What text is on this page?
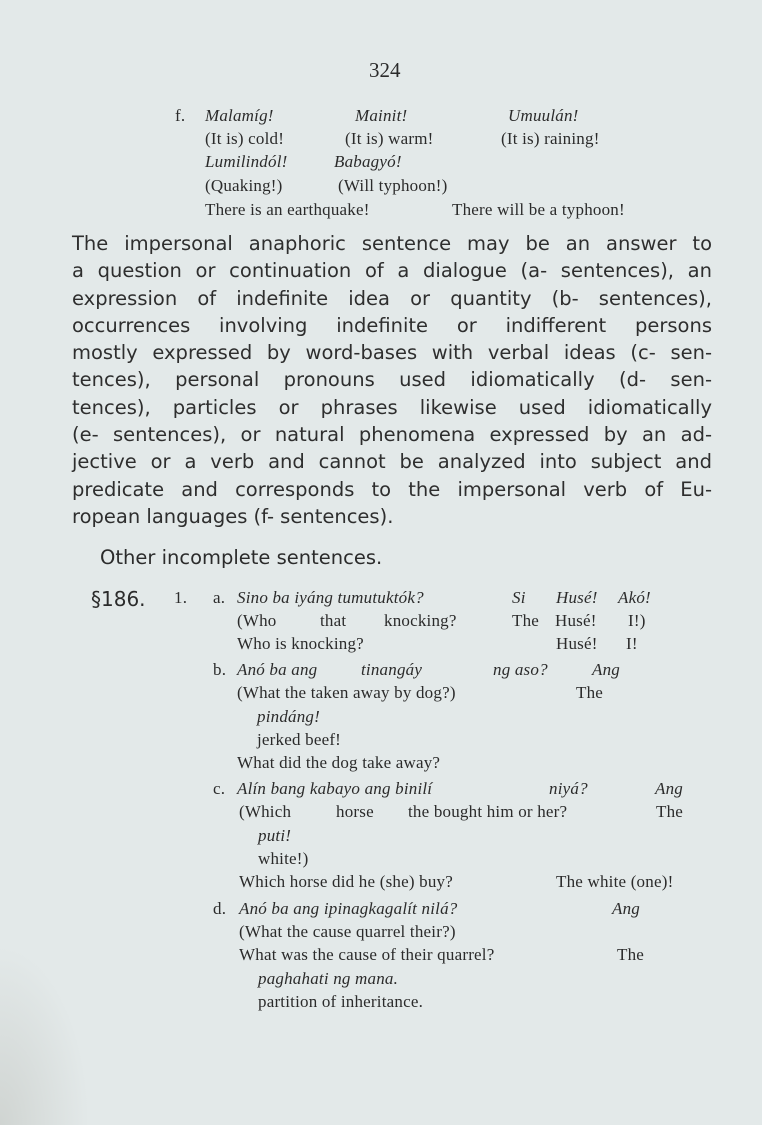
324
f. Malamíg!	Mainit!	Umuulán!
(It is) cold!	(It is) warm!	(It is) raining!
Lumilindól!	Babagyó!
(Quaking!)	(Will typhoon!)
There is an earthquake!	There will be a typhoon!

The impersonal anaphoric sentence may be an answer to

a question or continuation of a dialogue (a- sentences), an

expression of indefinite idea or quantity (b- sentences),

occurrences involving indefinite or indifferent persons

mostly expressed by word-bases with verbal ideas (c- sen-

tences), personal pronouns used idiomatically (d- sen-

tences), particles or phrases likewise used idiomatically

(e- sentences), or natural phenomena expressed by an ad-

jective or a verb and cannot be analyzed into subject and

predicate and corresponds to the impersonal verb of Eu-

ropean languages (f- sentences).

Other incomplete sentences.
§186. 1. a. Sino ba iyáng tumutuktók?	Si Husé! Akó!
(Who	that knocking?	The Husé! I!)
Who is knocking?	Husé! I!
b. Anó ba ang	tinangáy	ng aso?	Ang
(What the taken away by dog?)	The
pindáng!
jerked beef!
What did the dog take away?
c. Alín bang kabayo ang binilí	niyá?	Ang
(Which	horse the bought him or her?	The
puti!
white!)
Which horse did he (she) buy?	The white (one)!
d. Anó ba ang ipinagkagalít nilá?	Ang
(What the cause quarrel their?)
What was the cause of their quarrel?	The
paghahati ng mana.
partition of inheritance.
